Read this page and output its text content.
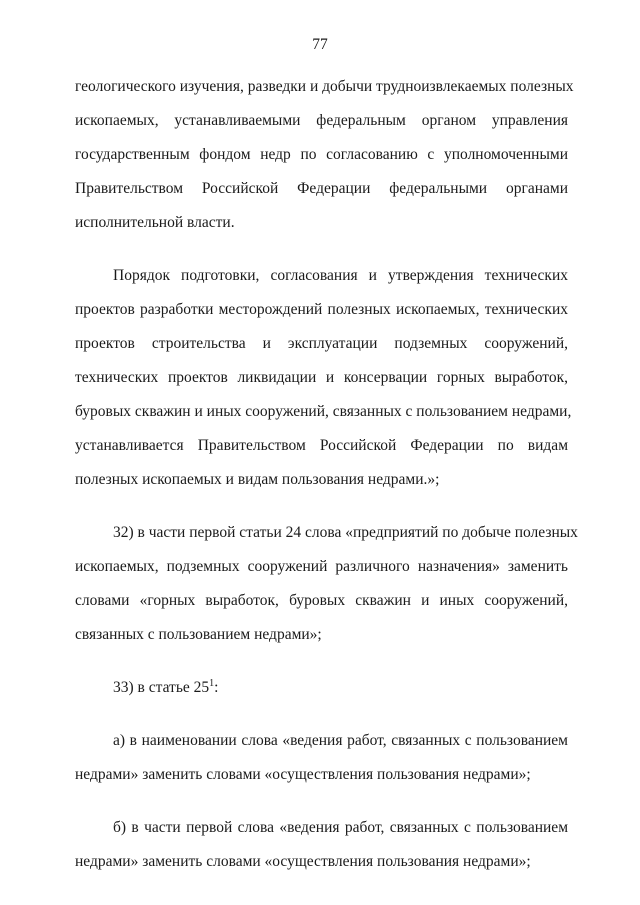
77
геологического изучения, разведки и добычи трудноизвлекаемых полезных
ископаемых, устанавливаемыми федеральным органом управления
государственным фондом недр по согласованию с уполномоченными
Правительством Российской Федерации федеральными органами
исполнительной власти.
Порядок подготовки, согласования и утверждения технических
проектов разработки месторождений полезных ископаемых, технических
проектов строительства и эксплуатации подземных сооружений,
технических проектов ликвидации и консервации горных выработок,
буровых скважин и иных сооружений, связанных с пользованием недрами,
устанавливается Правительством Российской Федерации по видам
полезных ископаемых и видам пользования недрами.»;
32) в части первой статьи 24 слова «предприятий по добыче полезных
ископаемых, подземных сооружений различного назначения» заменить
словами «горных выработок, буровых скважин и иных сооружений,
связанных с пользованием недрами»;
33) в статье $25^1$:
а) в наименовании слова «ведения работ, связанных с пользованием
недрами» заменить словами «осуществления пользования недрами»;
б) в части первой слова «ведения работ, связанных с пользованием
недрами» заменить словами «осуществления пользования недрами»;
